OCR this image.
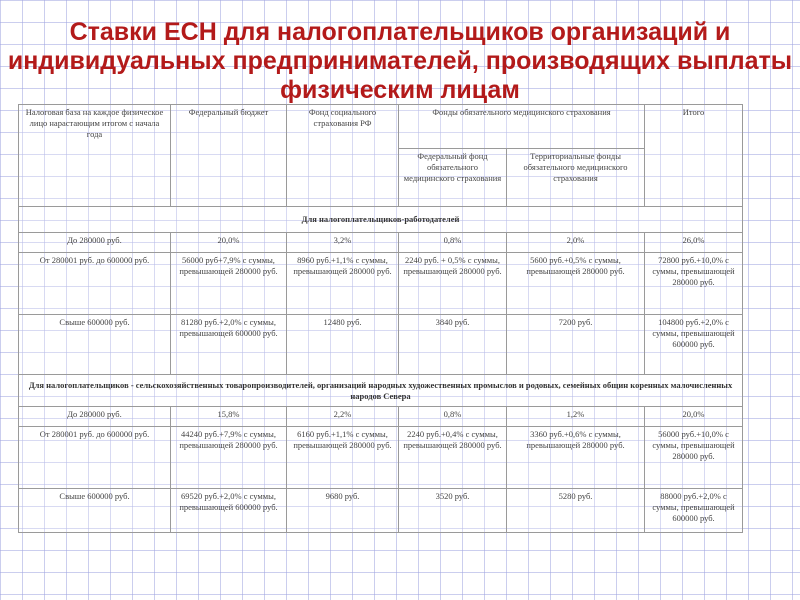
Ставки ЕСН для налогоплательщиков организаций и индивидуальных предпринимателей, производящих выплаты физическим лицам
Налоговая база на каждое физическое лицо нарастающим итогом с начала года	Федеральный бюджет	Фонд социального страхования РФ	Фонды обязательного медицинского страхования		Итого
			Федеральный фонд обязательного медицинского страхования	Территориальные фонды обязательного медицинского страхования	
Для налогоплательщиков-работодателей					
До 280000 руб.	20,0%	3,2%	0,8%	2,0%	26,0%
От 280001 руб. до 600000 руб.	56000 руб+7,9% с суммы, превышающей 280000 руб.	8960 руб.+1,1% с суммы, превышающей 280000 руб.	2240 руб. + 0,5% с суммы, превышающей 280000 руб.	5600 руб.+0,5% с суммы, превышающей 280000 руб.	72800 руб.+10,0% с суммы, превышающей 280000 руб.
Свыше 600000 руб.	81280 руб.+2,0% с суммы, превышающей 600000 руб.	12480 руб.	3840 руб.	7200 руб.	104800 руб.+2,0% с суммы, превышающей 600000 руб.
Для налогоплательщиков - сельскохозяйственных товаропроизводителей, организаций народных художественных промыслов и родовых, семейных общин коренных малочисленных народов Севера					
До 280000 руб.	15,8%	2,2%	0,8%	1,2%	20,0%
От 280001 руб. до 600000 руб.	44240 руб.+7,9% с суммы, превышающей 280000 руб.	6160 руб.+1,1% с суммы, превышающей 280000 руб.	2240 руб.+0,4% с суммы, превышающей 280000 руб.	3360 руб.+0,6% с суммы, превышающей 280000 руб.	56000 руб.+10,0% с суммы, превышающей 280000 руб.
Свыше 600000 руб.	69520 руб.+2,0% с суммы, превышающей 600000 руб.	9680 руб.	3520 руб.	5280 руб.	88000 руб.+2,0% с суммы, превышающей 600000 руб.
